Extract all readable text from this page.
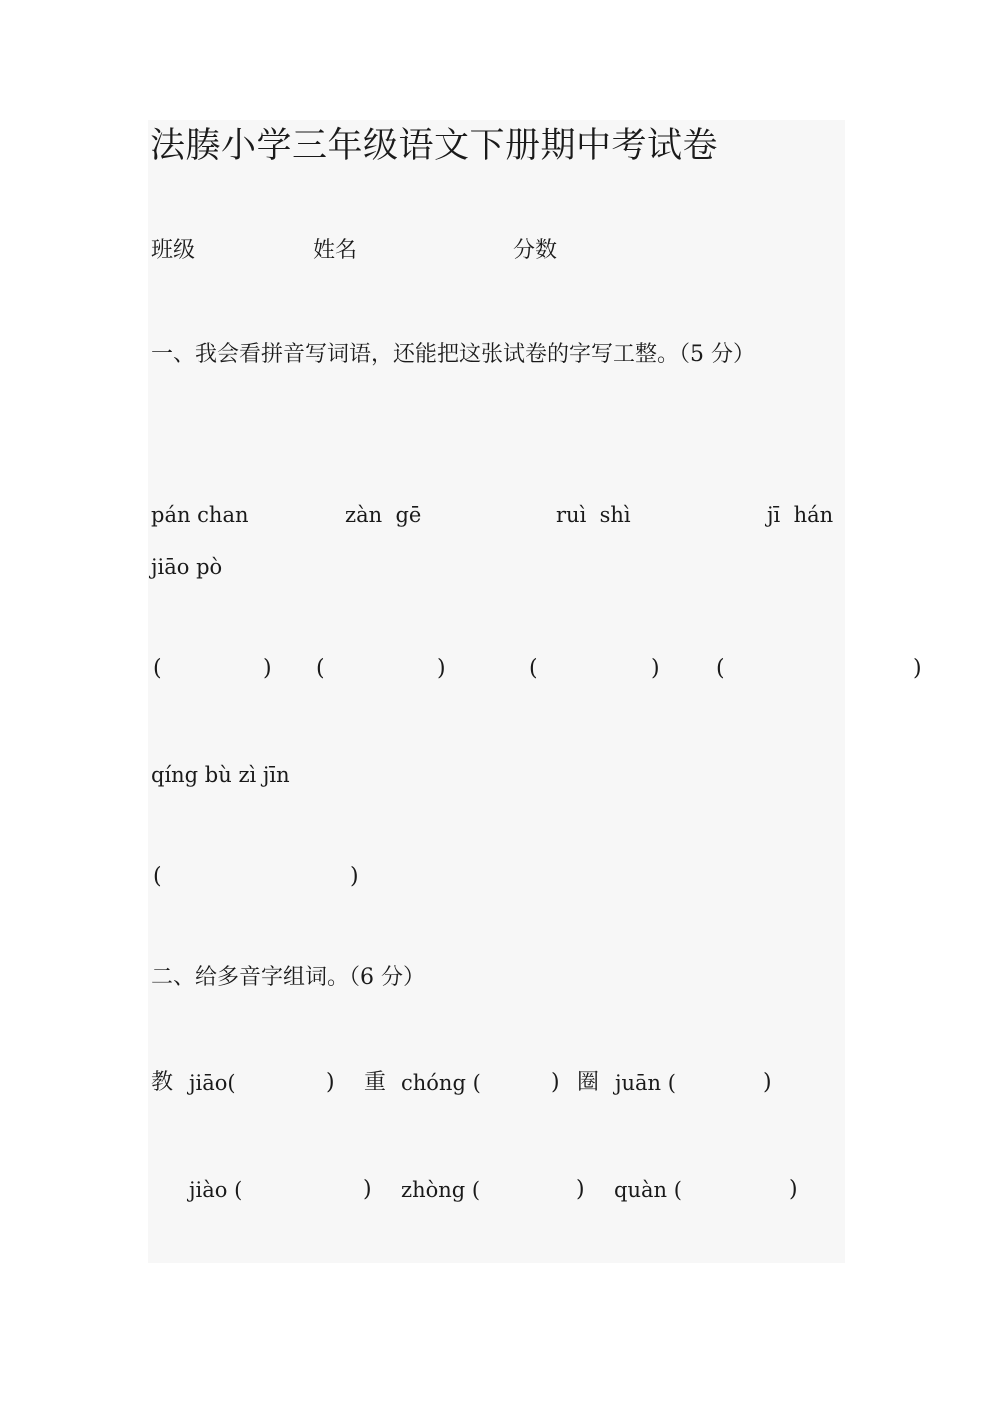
法腠小学三年级语文下册期中考试卷
班级	姓名	分数
一、我会看拼音写词语，还能把这张试卷的字写工整。（5 分）
pán chan	zàn  gē	ruì  shì	jī  hán
jiāo pò
(	) (	)	(	)	(	)
qíng bù zì jīn
(	)
二、给多音字组词。（6 分）
教 jiāo(	) 重 chóng (	) 圈 juān (	)
jiào (	) zhòng (	) quàn (	)
